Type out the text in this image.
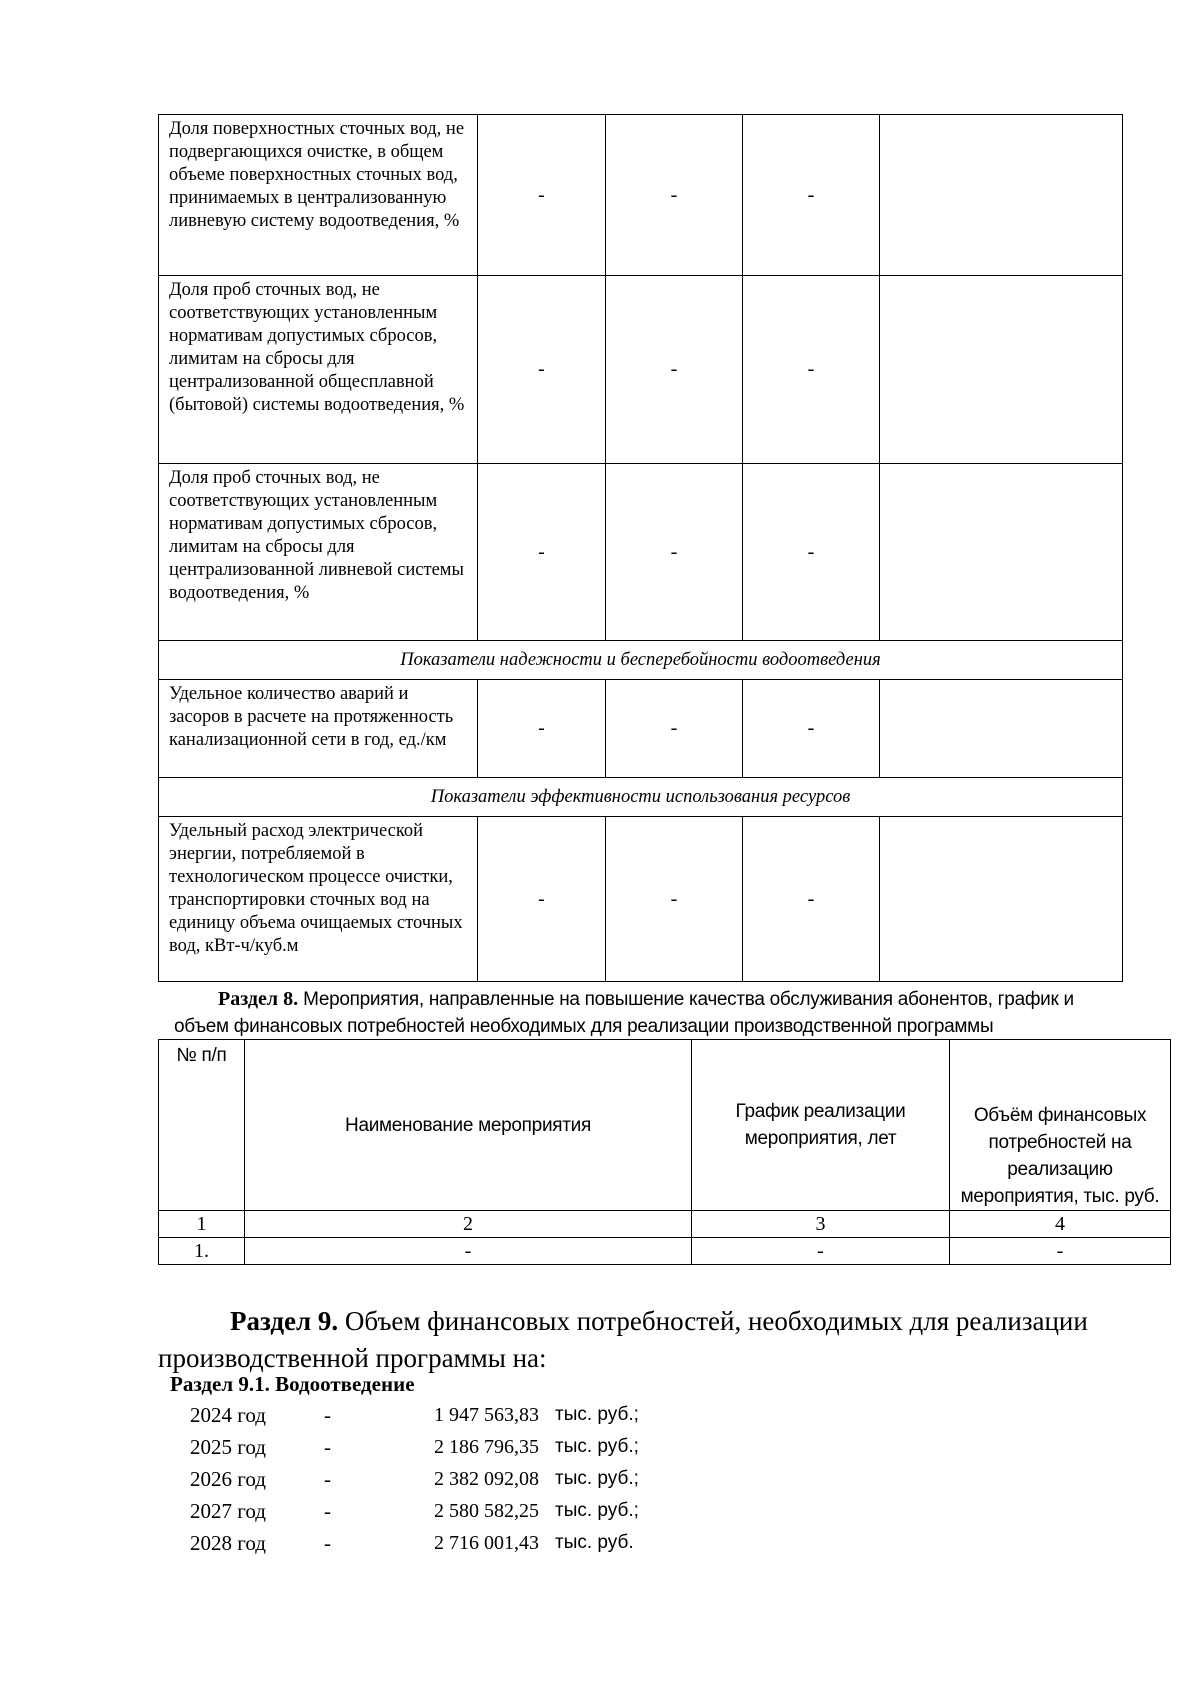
Доля поверхностных сточных вод, не подвергающихся очистке, в общем объеме поверхностных сточных вод, принимаемых в централизованную ливневую систему водоотведения, %	-	-	-	
Доля проб сточных вод, не соответствующих установленным нормативам допустимых сбросов, лимитам на сбросы для централизованной общесплавной (бытовой) системы водоотведения, %	-	-	-	
Доля проб сточных вод, не соответствующих установленным нормативам допустимых сбросов, лимитам на сбросы для централизованной ливневой системы водоотведения, %	-	-	-	
Показатели надежности и бесперебойности водоотведения				
Удельное количество аварий и засоров в расчете на протяженность канализационной сети в год, ед./км	-	-	-	
Показатели эффективности использования ресурсов				
Удельный расход электрической энергии, потребляемой в технологическом процессе очистки, транспортировки сточных вод на единицу объема очищаемых сточных вод, кВт-ч/куб.м	-	-	-	

Раздел 8. Мероприятия, направленные на повышение качества обслуживания абонентов, график и

объем финансовых потребностей необходимых для реализации производственной программы

№ п/п	Наименование мероприятия	График реализации мероприятия, лет	Объём финансовых потребностей на реализацию мероприятия, тыс. руб.
1	2	3	4
1.	-	-	-

Раздел 9. Объем финансовых потребностей, необходимых для реализации

производственной программы на:

Раздел 9.1. Водоотведение
2024 год	-	1 947 563,83 тыс. руб.;
2025 год	-	2 186 796,35 тыс. руб.;
2026 год	-	2 382 092,08 тыс. руб.;
2027 год	-	2 580 582,25 тыс. руб.;
2028 год	-	2 716 001,43 тыс. руб.
